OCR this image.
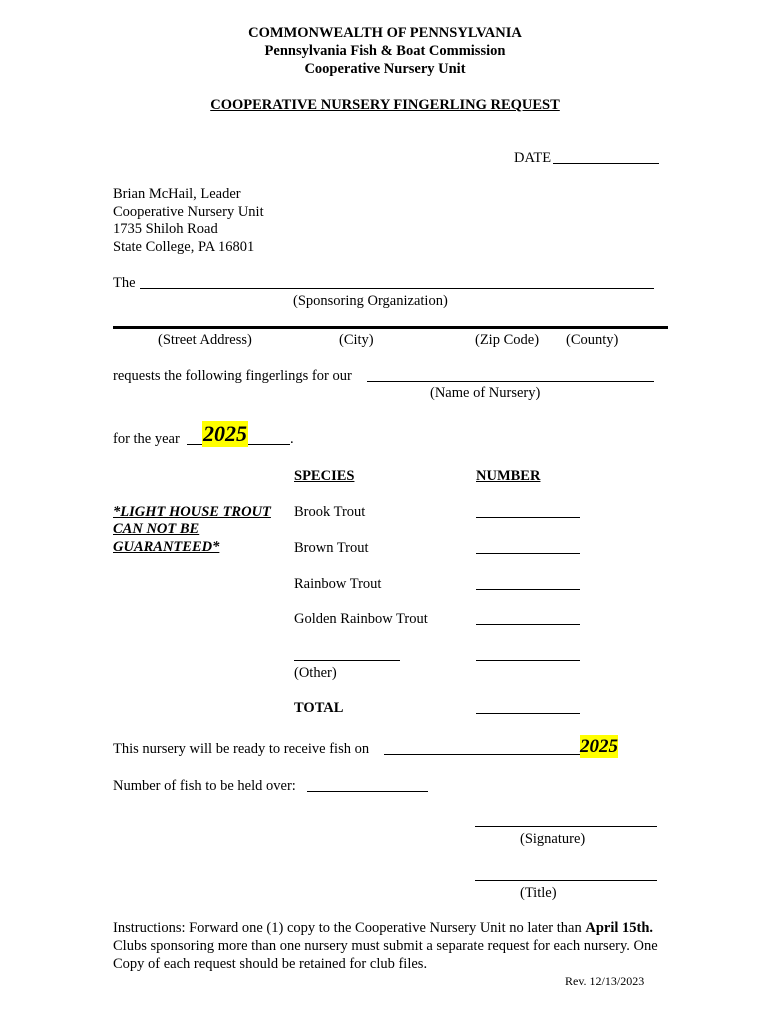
COMMONWEALTH OF PENNSYLVANIA
Pennsylvania Fish & Boat Commission
Cooperative Nursery Unit
COOPERATIVE NURSERY FINGERLING REQUEST
DATE
Brian McHail, Leader
Cooperative Nursery Unit
1735 Shiloh Road
State College, PA 16801
The
(Sponsoring Organization)
(Street Address)	(City)	(Zip Code) (County)
requests the following fingerlings for our
(Name of Nursery)
for the year 2025	.
SPECIES	NUMBER
*LIGHT HOUSE TROUT
CAN NOT BE
GUARANTEED*
Brook Trout
Brown Trout
Rainbow Trout
Golden Rainbow Trout
(Other)
TOTAL
This nursery will be ready to receive fish on	2025
Number of fish to be held over:
(Signature)
(Title)
Instructions: Forward one (1) copy to the Cooperative Nursery Unit no later than April 15th. Clubs sponsoring more than one nursery must submit a separate request for each nursery. One Copy of each request should be retained for club files.
Rev. 12/13/2023
